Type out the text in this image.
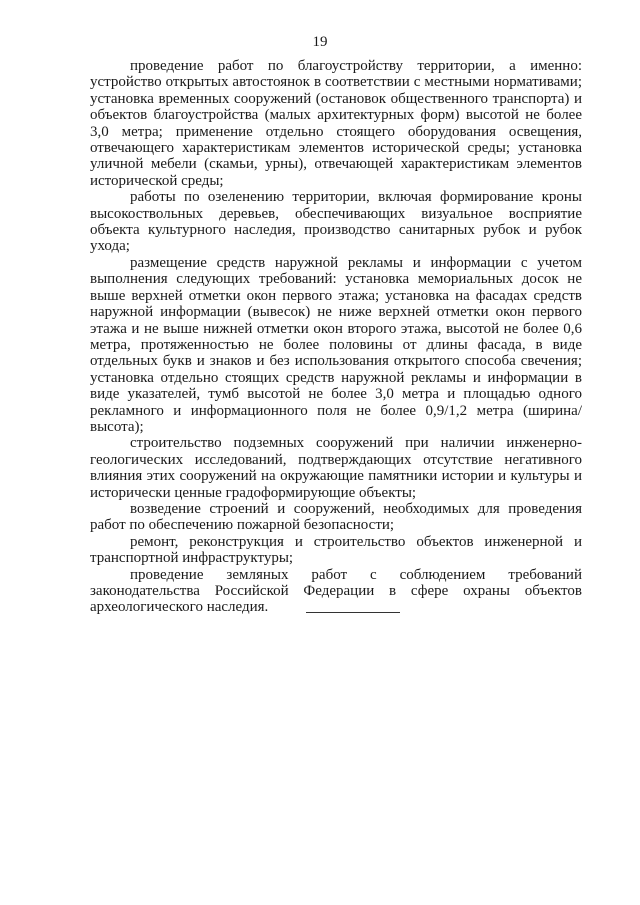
19

проведение работ по благоустройству территории, а именно: устройство открытых автостоянок в соответствии с местными нормативами; установка временных сооружений (остановок общественного транспорта) и объектов благоустройства (малых архитектурных форм) высотой не более 3,0 метра; применение отдельно стоящего оборудования освещения, отвечающего характеристикам элементов исторической среды; установка уличной мебели (скамьи, урны), отвечающей характеристикам элементов исторической среды;

работы по озеленению территории, включая формирование кроны высокоствольных деревьев, обеспечивающих визуальное восприятие объекта культурного наследия, производство санитарных рубок и рубок ухода;

размещение средств наружной рекламы и информации с учетом выполнения следующих требований: установка мемориальных досок не выше верхней отметки окон первого этажа; установка на фасадах средств наружной информации (вывесок) не ниже верхней отметки окон первого этажа и не выше нижней отметки окон второго этажа, высотой не более 0,6 метра, протяженностью не более половины от длины фасада, в виде отдельных букв и знаков и без использования открытого способа свечения; установка отдельно стоящих средств наружной рекламы и информации в виде указателей, тумб высотой не более 3,0 метра и площадью одного рекламного и информационного поля не более 0,9/1,2 метра (ширина/высота);

строительство подземных сооружений при наличии инженерно-геологических исследований, подтверждающих отсутствие негативного влияния этих сооружений на окружающие памятники истории и культуры и исторически ценные градоформирующие объекты;

возведение строений и сооружений, необходимых для проведения работ по обеспечению пожарной безопасности;

ремонт, реконструкция и строительство объектов инженерной и транспортной инфраструктуры;

проведение земляных работ с соблюдением требований законодательства Российской Федерации в сфере охраны объектов археологического наследия.
